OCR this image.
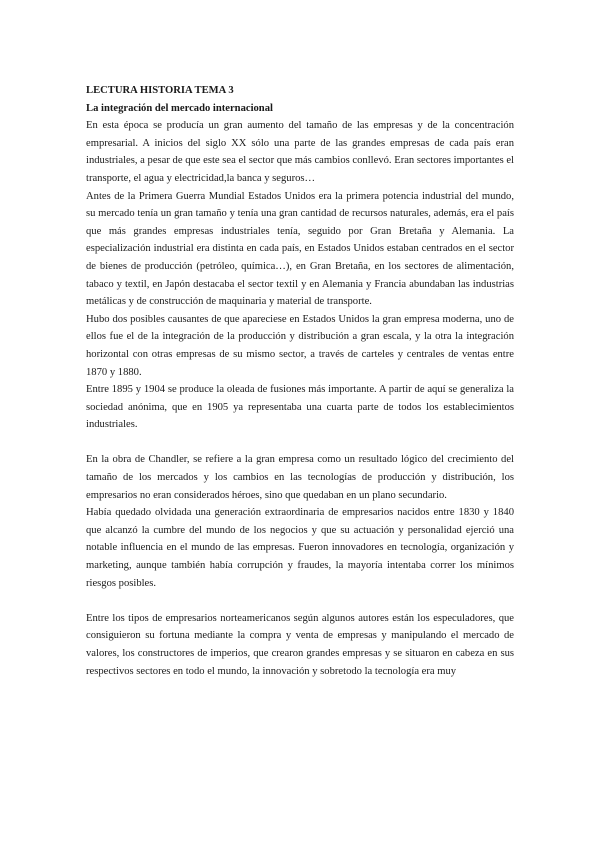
LECTURA HISTORIA TEMA 3

La integración del mercado internacional

En esta época se producía un gran aumento del tamaño de las empresas y de la concentración empresarial. A inicios del siglo XX sólo una parte de las grandes empresas de cada país eran industriales, a pesar de que este sea el sector que más cambios conllevó. Eran sectores importantes el transporte, el agua y electricidad,la banca y seguros…

Antes de la Primera Guerra Mundial Estados Unidos era la primera potencia industrial del mundo, su mercado tenía un gran tamaño y tenía una gran cantidad de recursos naturales, además, era el país que más grandes empresas industriales tenía, seguido por Gran Bretaña y Alemania. La especialización industrial era distinta en cada país, en Estados Unidos estaban centrados en el sector de bienes de producción (petróleo, química…), en Gran Bretaña, en los sectores de alimentación, tabaco y textil, en Japón destacaba el sector textil y en Alemania y Francia abundaban las industrias metálicas y de construcción de maquinaria y material de transporte.

Hubo dos posibles causantes de que apareciese en Estados Unidos la gran empresa moderna, uno de ellos fue el de la integración de la producción y distribución a gran escala, y la otra la integración horizontal con otras empresas de su mismo sector, a través de carteles y centrales de ventas entre 1870 y 1880.

Entre 1895 y 1904 se produce la oleada de fusiones más importante. A partir de aquí se generaliza la sociedad anónima, que en 1905 ya representaba una cuarta parte de todos los establecimientos industriales.

En la obra de Chandler, se refiere a la gran empresa como un resultado lógico del crecimiento del tamaño de los mercados y los cambios en las tecnologías de producción y distribución, los empresarios no eran considerados héroes, sino que quedaban en un plano secundario.

Había quedado olvidada una generación extraordinaria de empresarios nacidos entre 1830 y 1840 que alcanzó la cumbre del mundo de los negocios y que su actuación y personalidad ejerció una notable influencia en el mundo de las empresas. Fueron innovadores en tecnología, organización y marketing, aunque también había corrupción y fraudes, la mayoría intentaba correr los mínimos riesgos posibles.

Entre los tipos de empresarios norteamericanos según algunos autores están los especuladores, que consiguieron su fortuna mediante la compra y venta de empresas y manipulando el mercado de valores, los constructores de imperios, que crearon grandes empresas y se situaron en cabeza en sus respectivos sectores en todo el mundo, la innovación y sobretodo la tecnología era muy
